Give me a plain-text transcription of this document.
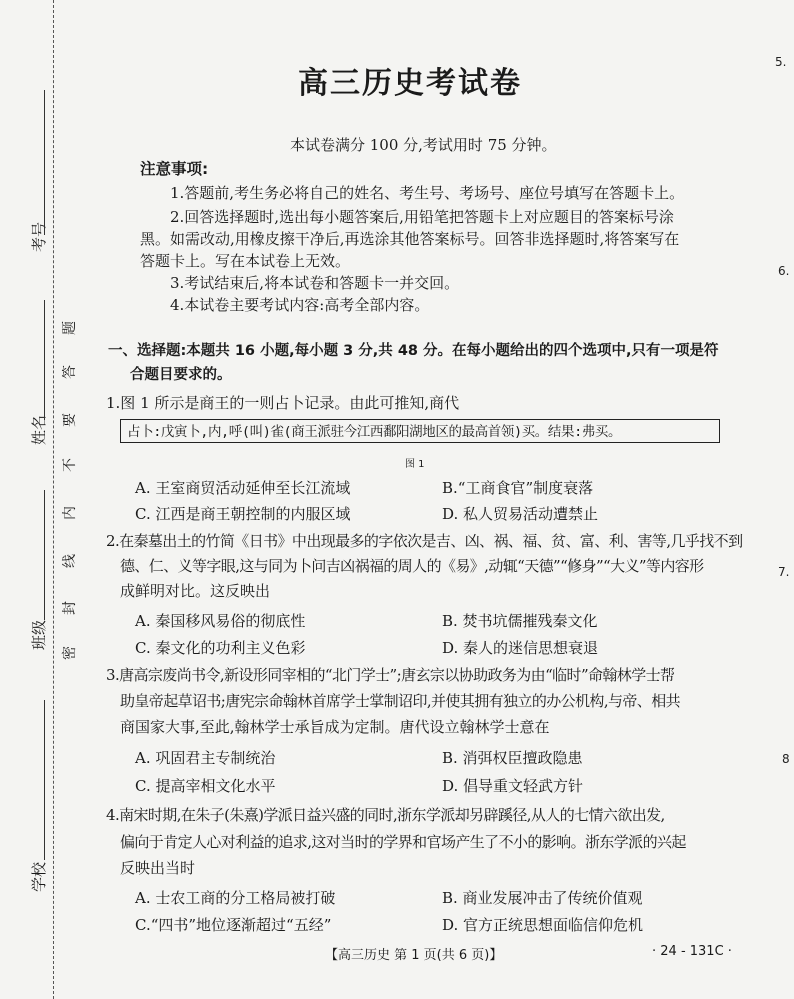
考号
姓名
班级
学校
题
答
要
不
内
线
封
密
5.
6.
7.
8
高三历史考试卷
本试卷满分 100 分,考试用时 75 分钟。
注意事项:
1.答题前,考生务必将自己的姓名、考生号、考场号、座位号填写在答题卡上。
2.回答选择题时,选出每小题答案后,用铅笔把答题卡上对应题目的答案标号涂
黑。如需改动,用橡皮擦干净后,再选涂其他答案标号。回答非选择题时,将答案写在
答题卡上。写在本试卷上无效。
3.考试结束后,将本试卷和答题卡一并交回。
4.本试卷主要考试内容:高考全部内容。
一、选择题:本题共 16 小题,每小题 3 分,共 48 分。在每小题给出的四个选项中,只有一项是符
合题目要求的。
1.图 1 所示是商王的一则占卜记录。由此可推知,商代
占卜:戊寅卜,内,呼(叫)雀(商王派驻今江西鄱阳湖地区的最高首领)买。结果:弗买。
图 1
A. 王室商贸活动延伸至长江流域	B.“工商食官”制度衰落
C. 江西是商王朝控制的内服区域	D. 私人贸易活动遭禁止
2.在秦墓出土的竹简《日书》中出现最多的字依次是吉、凶、祸、福、贫、富、利、害等,几乎找不到
德、仁、义等字眼,这与同为卜问吉凶祸福的周人的《易》,动辄“天德”“修身”“大义”等内容形
成鲜明对比。这反映出
A. 秦国移风易俗的彻底性	B. 焚书坑儒摧残秦文化
C. 秦文化的功利主义色彩	D. 秦人的迷信思想衰退
3.唐高宗废尚书令,新设形同宰相的“北门学士”;唐玄宗以协助政务为由“临时”命翰林学士帮
助皇帝起草诏书;唐宪宗命翰林首席学士掌制诏印,并使其拥有独立的办公机构,与帝、相共
商国家大事,至此,翰林学士承旨成为定制。唐代设立翰林学士意在
A. 巩固君主专制统治	B. 消弭权臣擅政隐患
C. 提高宰相文化水平	D. 倡导重文轻武方针
4.南宋时期,在朱子(朱熹)学派日益兴盛的同时,浙东学派却另辟蹊径,从人的七情六欲出发,
偏向于肯定人心对利益的追求,这对当时的学界和官场产生了不小的影响。浙东学派的兴起
反映出当时
A. 士农工商的分工格局被打破	B. 商业发展冲击了传统价值观
C.“四书”地位逐渐超过“五经”	D. 官方正统思想面临信仰危机
【高三历史 第 1 页(共 6 页)】	· 24 - 131C ·
